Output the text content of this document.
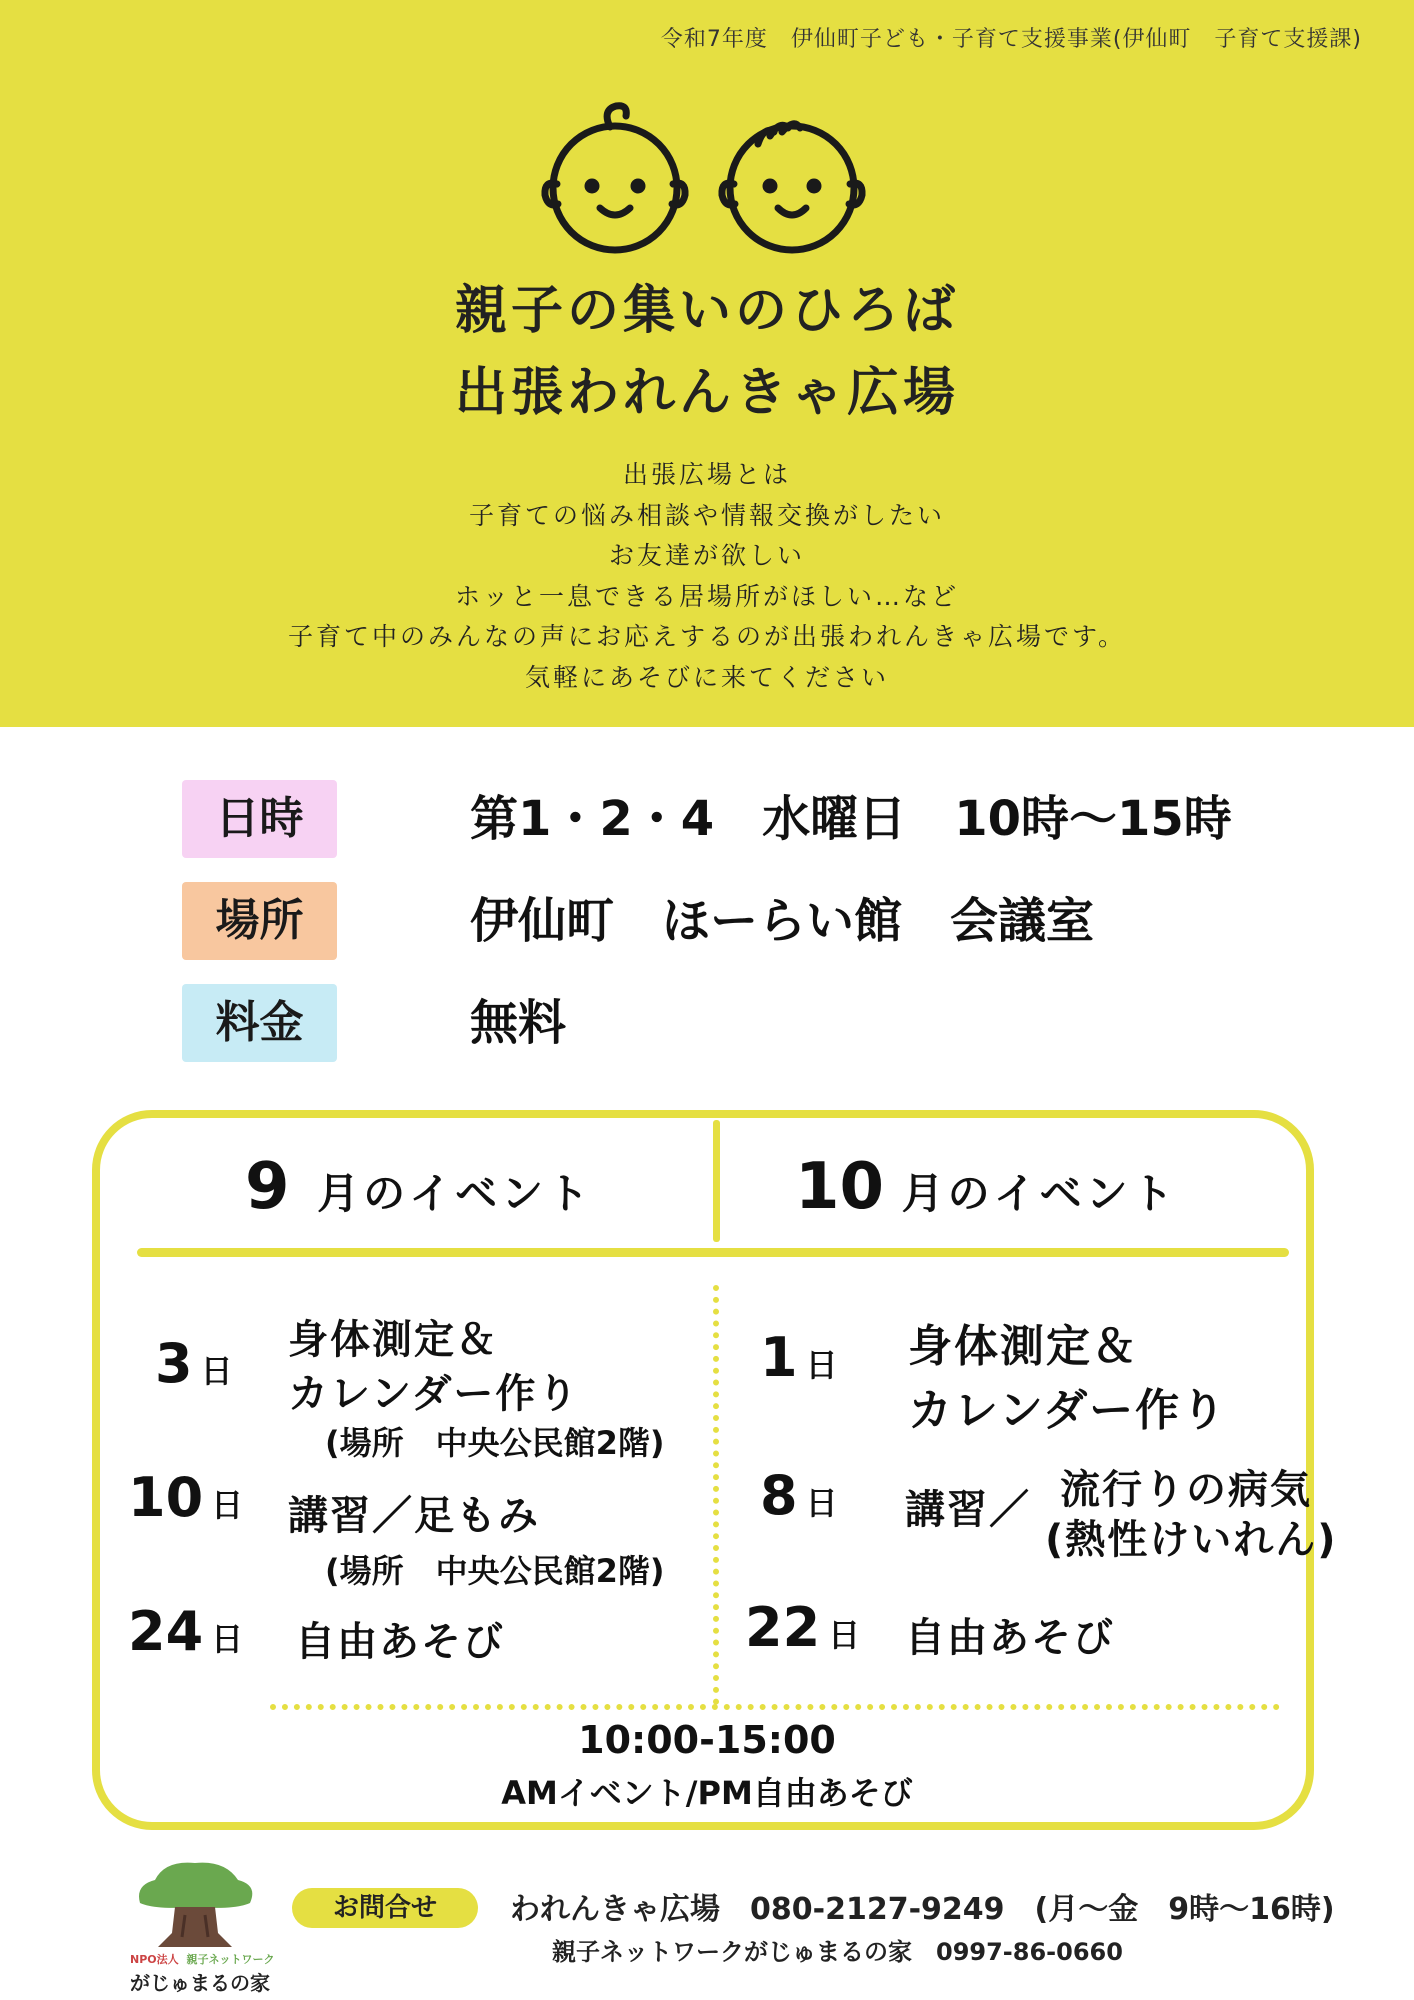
令和7年度　伊仙町子ども・子育て支援事業(伊仙町　子育て支援課)
親子の集いのひろば
出張われんきゃ広場
出張広場とは
子育ての悩み相談や情報交換がしたい
お友達が欲しい
ホッと一息できる居場所がほしい…など
子育て中のみんなの声にお応えするのが出張われんきゃ広場です。
気軽にあそびに来てください
日時	第1・2・4　水曜日　10時〜15時
場所	伊仙町　ほーらい館　会議室
料金	無料
9 月のイベント	10 月のイベント
3 日
身体測定＆
カレンダー作り
(場所　中央公民館2階)
10 日 講習／足もみ
(場所　中央公民館2階)
24 日 自由あそび
1 日 身体測定＆
カレンダー作り
8 日 講習／ 流行りの病気
(熱性けいれん)
22 日 自由あそび
10:00-15:00
AMイベント/PM自由あそび
NPO法人 親子ネットワーク
がじゅまるの家
お問合せ	われんきゃ広場　080-2127-9249　(月〜金　9時〜16時)
親子ネットワークがじゅまるの家　0997-86-0660
